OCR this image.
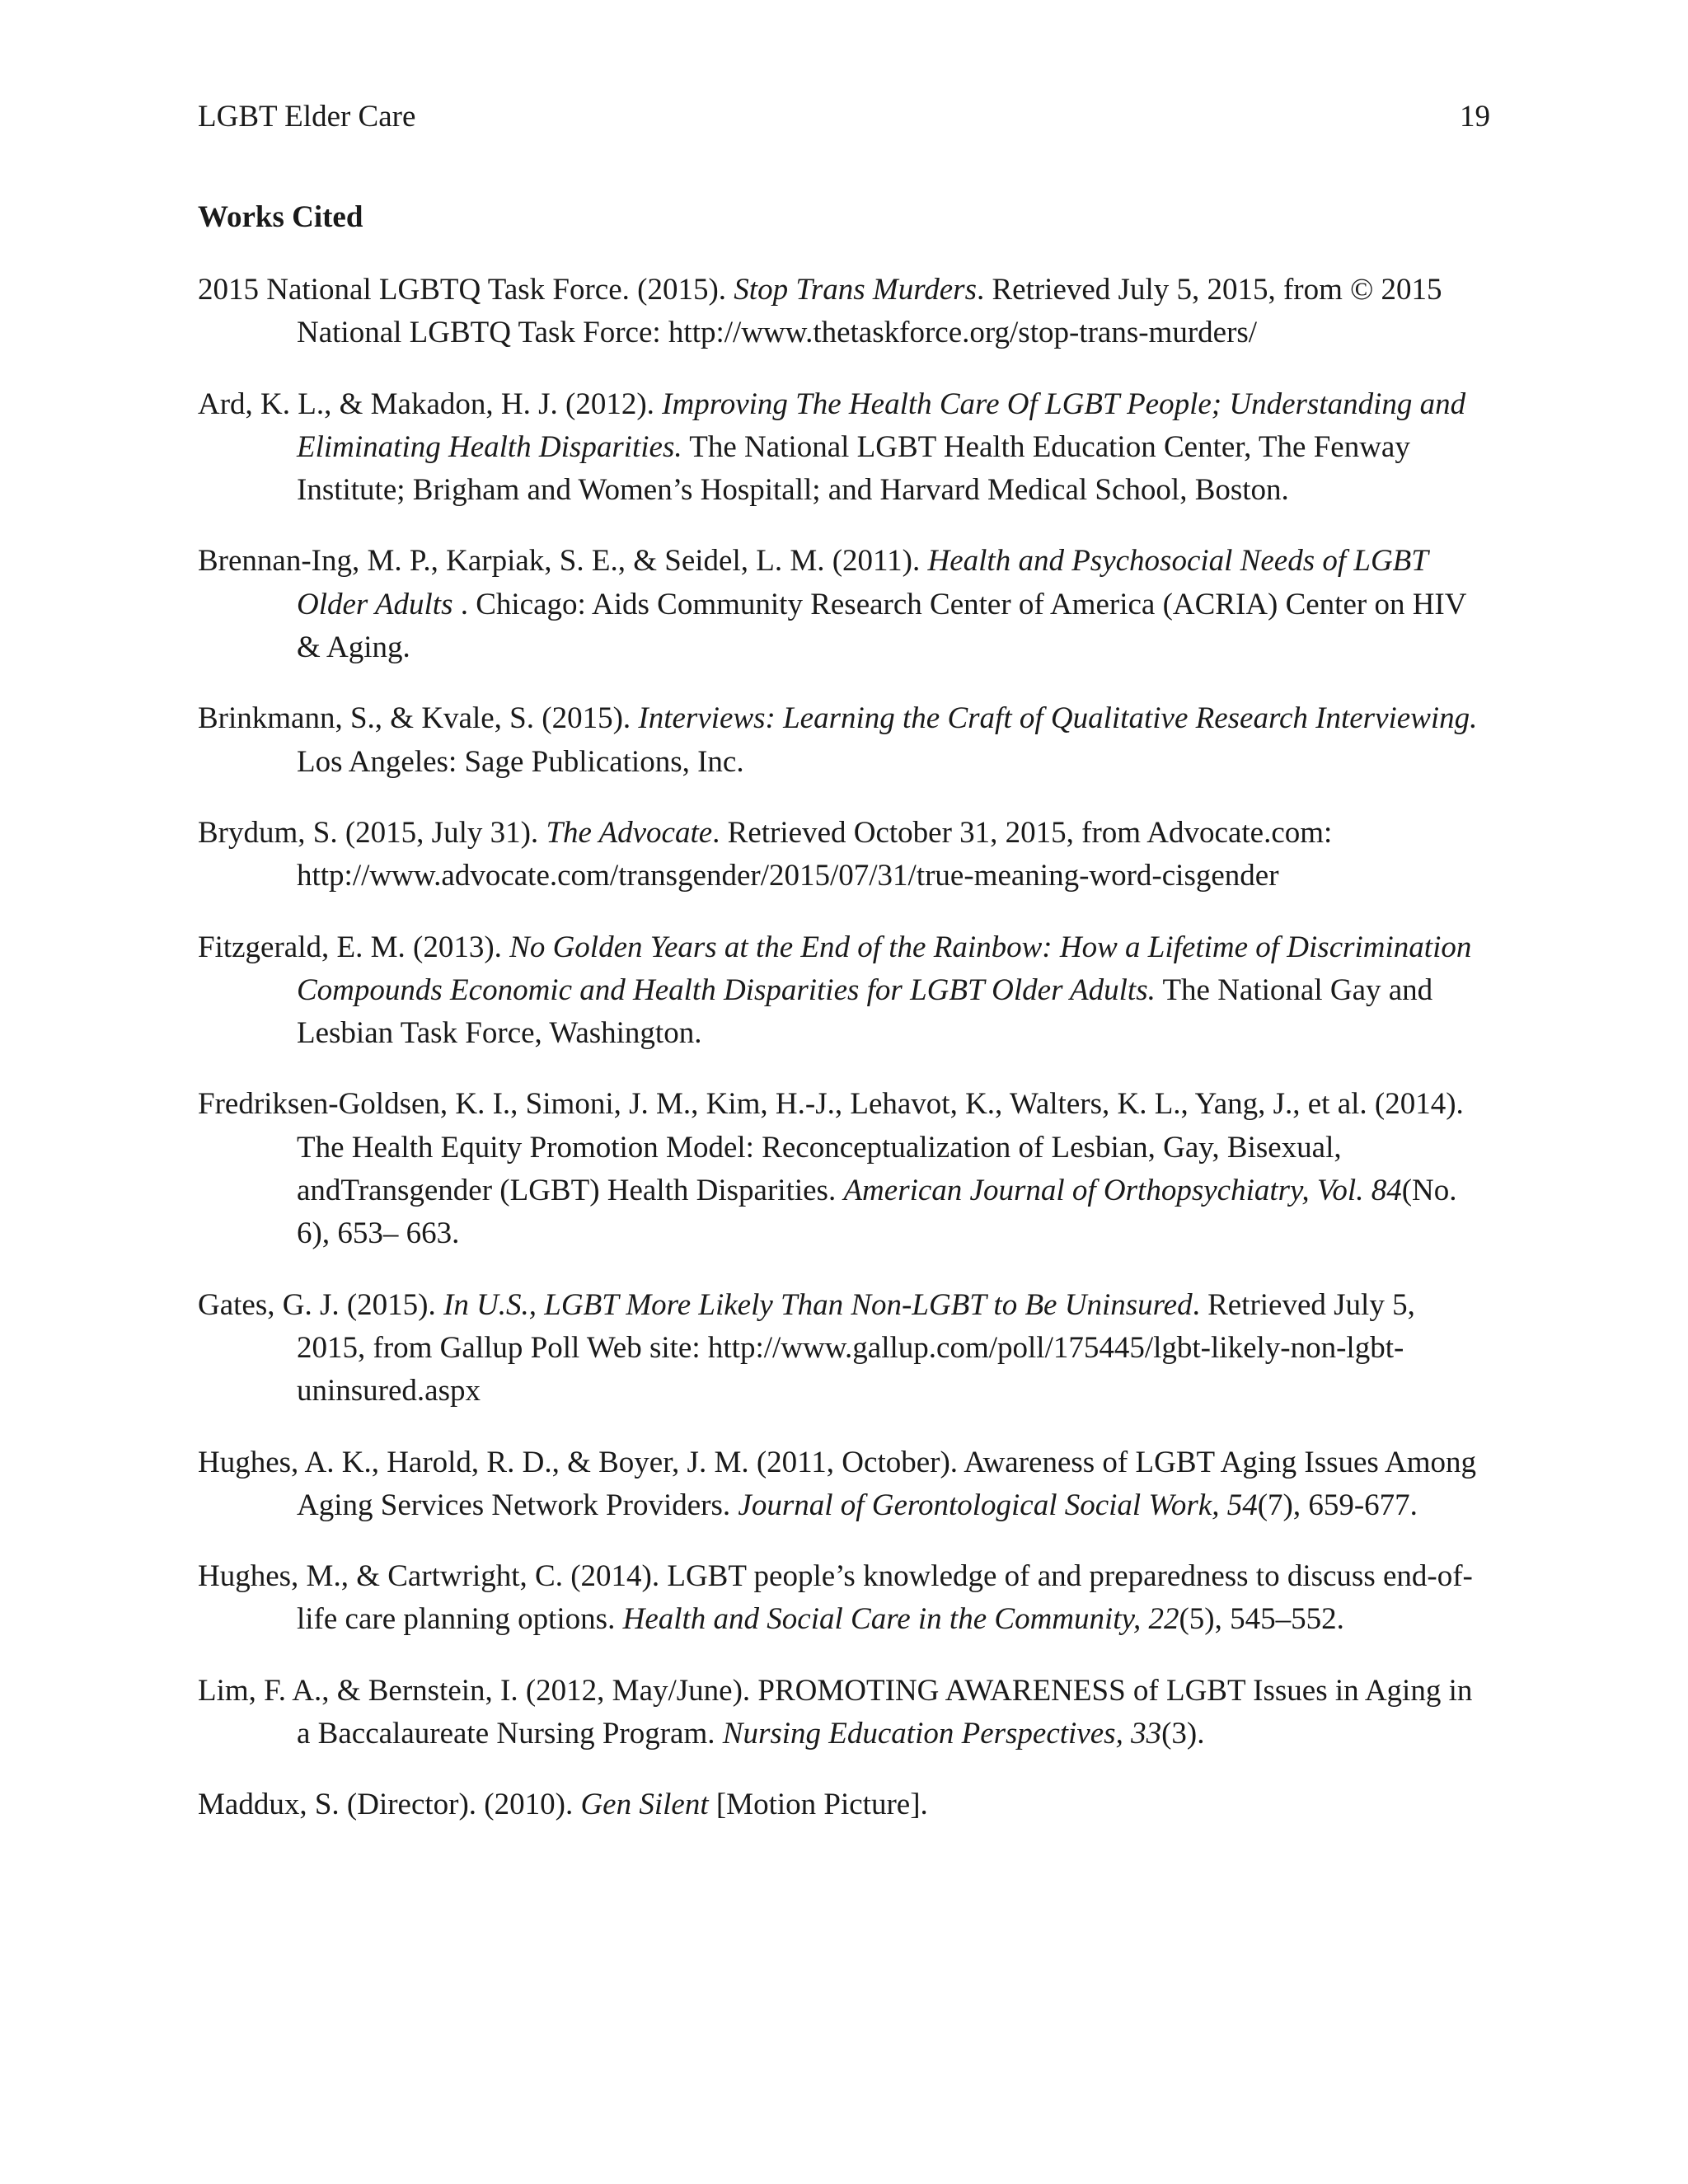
LGBT Elder Care	19
Works Cited

2015 National LGBTQ Task Force. (2015). Stop Trans Murders. Retrieved July 5, 2015, from © 2015 National LGBTQ Task Force: http://www.thetaskforce.org/stop-trans-murders/

Ard, K. L., & Makadon, H. J. (2012). Improving The Health Care Of LGBT People; Understanding and Eliminating Health Disparities. The National LGBT Health Education Center, The Fenway Institute; Brigham and Women’s Hospitall; and Harvard Medical School, Boston.

Brennan-Ing, M. P., Karpiak, S. E., & Seidel, L. M. (2011). Health and Psychosocial Needs of LGBT Older Adults . Chicago: Aids Community Research Center of America (ACRIA) Center on HIV & Aging.

Brinkmann, S., & Kvale, S. (2015). Interviews: Learning the Craft of Qualitative Research Interviewing. Los Angeles: Sage Publications, Inc.

Brydum, S. (2015, July 31). The Advocate. Retrieved October 31, 2015, from Advocate.com: http://www.advocate.com/transgender/2015/07/31/true-meaning-word-cisgender

Fitzgerald, E. M. (2013). No Golden Years at the End of the Rainbow: How a Lifetime of Discrimination Compounds Economic and Health Disparities for LGBT Older Adults. The National Gay and Lesbian Task Force, Washington.

Fredriksen-Goldsen, K. I., Simoni, J. M., Kim, H.-J., Lehavot, K., Walters, K. L., Yang, J., et al. (2014). The Health Equity Promotion Model: Reconceptualization of Lesbian, Gay, Bisexual, andTransgender (LGBT) Health Disparities. American Journal of Orthopsychiatry, Vol. 84(No. 6), 653– 663.

Gates, G. J. (2015). In U.S., LGBT More Likely Than Non-LGBT to Be Uninsured. Retrieved July 5, 2015, from Gallup Poll Web site: http://www.gallup.com/poll/175445/lgbt-likely-non-lgbt-uninsured.aspx

Hughes, A. K., Harold, R. D., & Boyer, J. M. (2011, October). Awareness of LGBT Aging Issues Among Aging Services Network Providers. Journal of Gerontological Social Work, 54(7), 659-677.

Hughes, M., & Cartwright, C. (2014). LGBT people’s knowledge of and preparedness to discuss end-of-life care planning options. Health and Social Care in the Community, 22(5), 545–552.

Lim, F. A., & Bernstein, I. (2012, May/June). PROMOTING AWARENESS of LGBT Issues in Aging in a Baccalaureate Nursing Program. Nursing Education Perspectives, 33(3).

Maddux, S. (Director). (2010). Gen Silent [Motion Picture].
